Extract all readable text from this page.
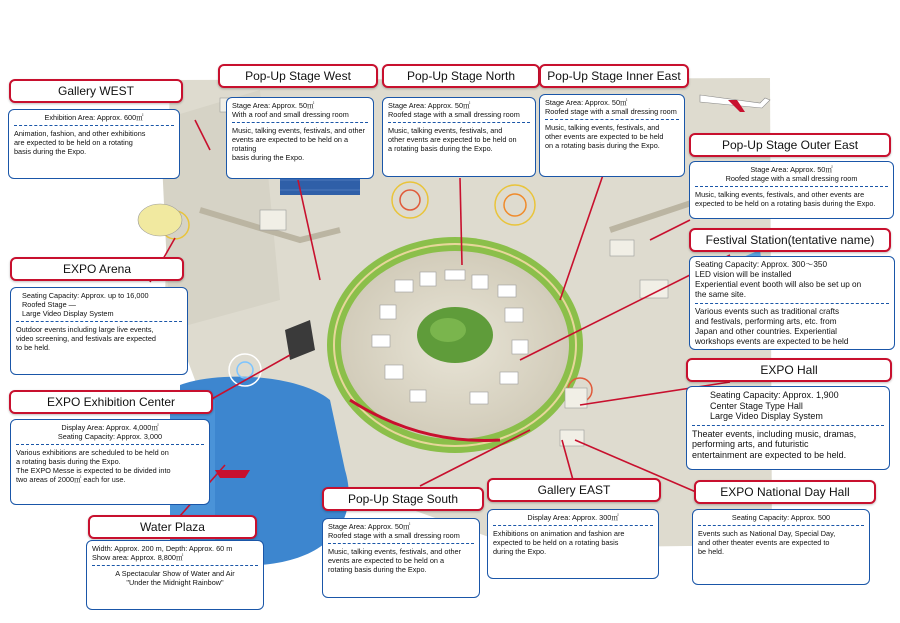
Gallery WEST
Pop-Up Stage West	Pop-Up Stage North	Pop-Up Stage Inner East
Pop-Up Stage Outer East
Festival Station(tentative name)
EXPO Arena
EXPO Hall
EXPO Exhibition Center
Water Plaza
Pop-Up Stage South
Gallery EAST	EXPO National Day Hall
Exhibition Area: Approx. 600㎡
Animation, fashion, and other exhibitions
are expected to be held on a rotating
basis during the Expo.
Stage Area: Approx. 50㎡
With a roof and small dressing room
Music, talking events, festivals, and other
events are expected to be held on a rotating
basis during the Expo.
Stage Area: Approx. 50㎡
Roofed stage with a small dressing room
Music, talking events, festivals, and
other events are expected to be held on
a rotating basis during the Expo.
Stage Area: Approx. 50㎡
Roofed stage with a small dressing room
Music, talking events, festivals, and
other events are expected to be held
on a rotating basis during the Expo.
Stage Area: Approx. 50㎡
Roofed stage with a small dressing room
Music, talking events, festivals, and other events are
expected to be held on a rotating basis during the Expo.
Seating Capacity: Approx. 300～350
LED vision will be installed
Experiential event booth will also be set up on
the same site.
Various events such as traditional crafts
and festivals, performing arts, etc. from
Japan and other countries. Experiential
workshops events are expected to be held
Seating Capacity: Approx. up to 16,000
Roofed Stage —
Large Video Display System
Outdoor events including large live events,
video screening, and festivals are expected
to be held.
Seating Capacity: Approx. 1,900
Center Stage Type Hall
Large Video Display System
Theater events, including music, dramas,
performing arts, and futuristic
entertainment are expected to be held.
Display Area: Approx. 4,000㎡
Seating Capacity: Approx. 3,000
Various exhibitions are scheduled to be held on
a rotating basis during the Expo.
The EXPO Messe is expected to be divided into
two areas of 2000㎡ each for use.
Width: Approx. 200 m, Depth: Approx. 60 m
Show area: Approx. 8,800㎡
A Spectacular Show of Water and Air
"Under the Midnight Rainbow"
Stage Area: Approx. 50㎡
Roofed stage with a small dressing room
Music, talking events, festivals, and other
events are expected to be held on a
rotating basis during the Expo.
Display Area: Approx. 300㎡
Exhibitions on animation and fashion are
expected to be held on a rotating basis
during the Expo.
Seating Capacity: Approx. 500
Events such as National Day, Special Day,
and other theater events are expected to
be held.
